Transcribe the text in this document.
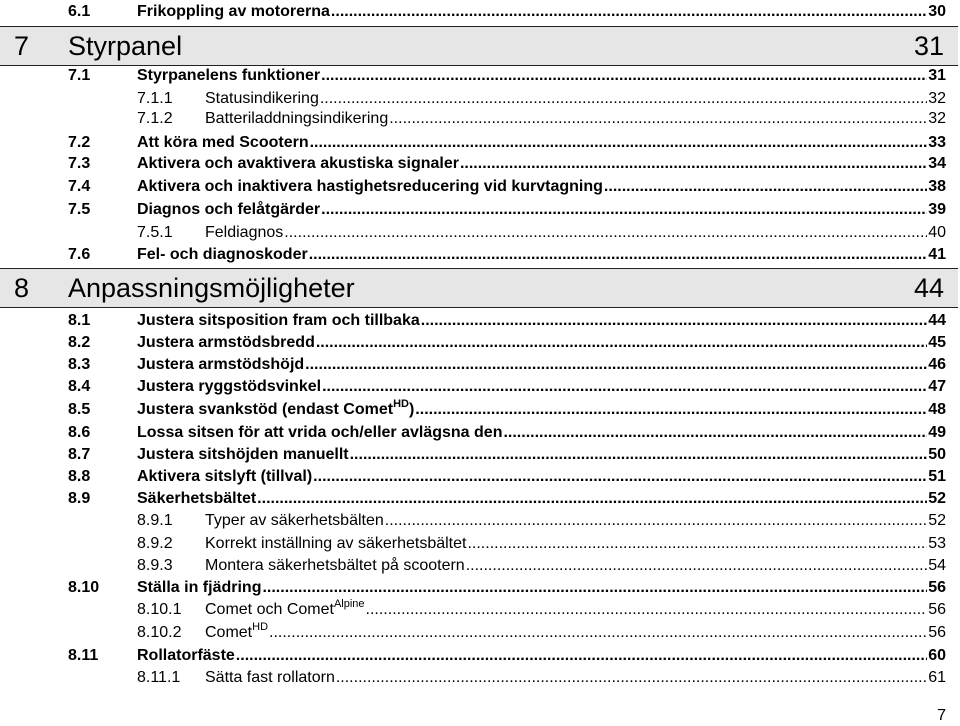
6.1	Frikoppling av motorerna .....	30
7 Styrpanel	31
7.1	Styrpanelens funktioner .....	31
7.1.1 Statusindikering .....	32
7.1.2 Batteriladdningsindikering .....	32
7.2	Att köra med Scootern .....	33
7.3	Aktivera och avaktivera akustiska signaler .....	34
7.4	Aktivera och inaktivera hastighetsreducering vid kurvtagning .....	38
7.5	Diagnos och felåtgärder .....	39
7.5.1 Feldiagnos .....	40
7.6	Fel- och diagnoskoder .....	41
8 Anpassningsmöjligheter	44
8.1	Justera sitsposition fram och tillbaka .....	44
8.2	Justera armstödsbredd .....	45
8.3	Justera armstödshöjd .....	46
8.4	Justera ryggstödsvinkel .....	47
8.5	Justera svankstöd (endast Comet$^{HD}$) .....	48
8.6	Lossa sitsen för att vrida och/eller avlägsna den .....	49
8.7	Justera sitshöjden manuellt .....	50
8.8	Aktivera sitslyft (tillval) .....	51
8.9	Säkerhetsbältet .....	52
8.9.1 Typer av säkerhetsbälten .....	52
8.9.2 Korrekt inställning av säkerhetsbältet .....	53
8.9.3 Montera säkerhetsbältet på scootern .....	54
8.10 Ställa in fjädring .....	56
8.10.1 Comet och Comet$^{Alpine}$ .....	56
8.10.2 Comet$^{HD}$ .....	56
8.11 Rollatorfäste .....	60
8.11.1 Sätta fast rollatorn .....	61
7
